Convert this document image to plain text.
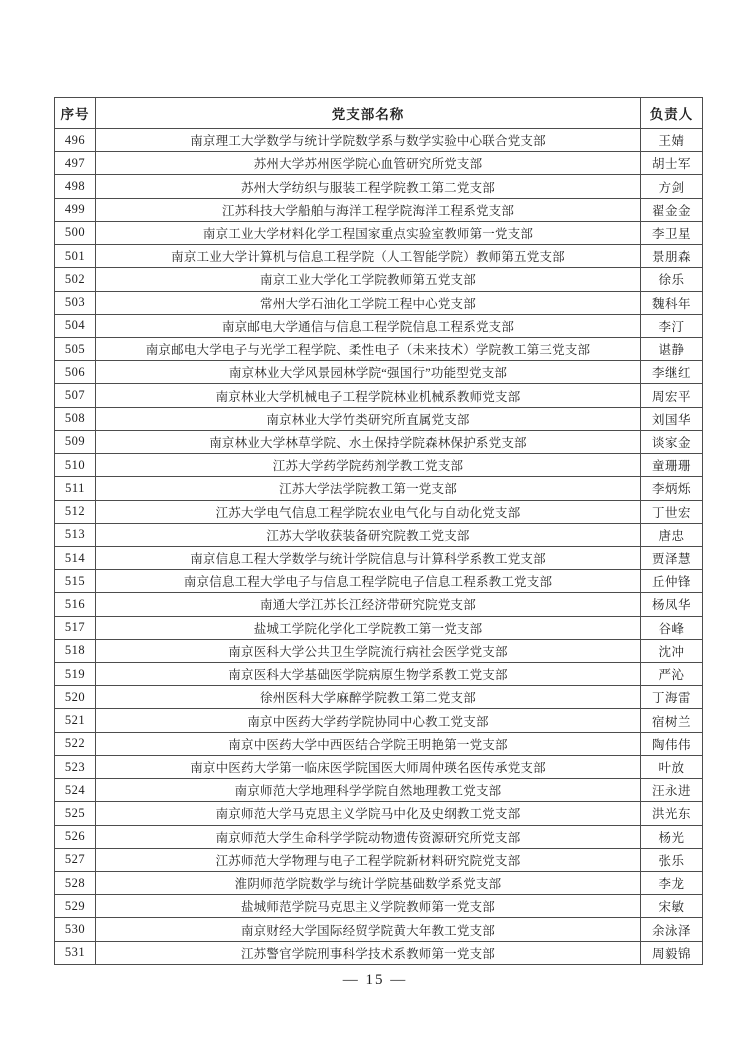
序号	党支部名称	负责人
496	南京理工大学数学与统计学院数学系与数学实验中心联合党支部	王婧
497	苏州大学苏州医学院心血管研究所党支部	胡士军
498	苏州大学纺织与服装工程学院教工第二党支部	方剑
499	江苏科技大学船舶与海洋工程学院海洋工程系党支部	翟金金
500	南京工业大学材料化学工程国家重点实验室教师第一党支部	李卫星
501	南京工业大学计算机与信息工程学院（人工智能学院）教师第五党支部	景朋森
502	南京工业大学化工学院教师第五党支部	徐乐
503	常州大学石油化工学院工程中心党支部	魏科年
504	南京邮电大学通信与信息工程学院信息工程系党支部	李汀
505	南京邮电大学电子与光学工程学院、柔性电子（未来技术）学院教工第三党支部	谌静
506	南京林业大学风景园林学院“强国行”功能型党支部	李继红
507	南京林业大学机械电子工程学院林业机械系教师党支部	周宏平
508	南京林业大学竹类研究所直属党支部	刘国华
509	南京林业大学林草学院、水土保持学院森林保护系党支部	谈家金
510	江苏大学药学院药剂学教工党支部	童珊珊
511	江苏大学法学院教工第一党支部	李炳烁
512	江苏大学电气信息工程学院农业电气化与自动化党支部	丁世宏
513	江苏大学收获装备研究院教工党支部	唐忠
514	南京信息工程大学数学与统计学院信息与计算科学系教工党支部	贾泽慧
515	南京信息工程大学电子与信息工程学院电子信息工程系教工党支部	丘仲锋
516	南通大学江苏长江经济带研究院党支部	杨凤华
517	盐城工学院化学化工学院教工第一党支部	谷峰
518	南京医科大学公共卫生学院流行病社会医学党支部	沈冲
519	南京医科大学基础医学院病原生物学系教工党支部	严沁
520	徐州医科大学麻醉学院教工第二党支部	丁海雷
521	南京中医药大学药学院协同中心教工党支部	宿树兰
522	南京中医药大学中西医结合学院王明艳第一党支部	陶伟伟
523	南京中医药大学第一临床医学院国医大师周仲瑛名医传承党支部	叶放
524	南京师范大学地理科学学院自然地理教工党支部	汪永进
525	南京师范大学马克思主义学院马中化及史纲教工党支部	洪光东
526	南京师范大学生命科学学院动物遗传资源研究所党支部	杨光
527	江苏师范大学物理与电子工程学院新材料研究院党支部	张乐
528	淮阴师范学院数学与统计学院基础数学系党支部	李龙
529	盐城师范学院马克思主义学院教师第一党支部	宋敏
530	南京财经大学国际经贸学院黄大年教工党支部	余泳泽
531	江苏警官学院刑事科学技术系教师第一党支部	周毅锦
— 15 —
